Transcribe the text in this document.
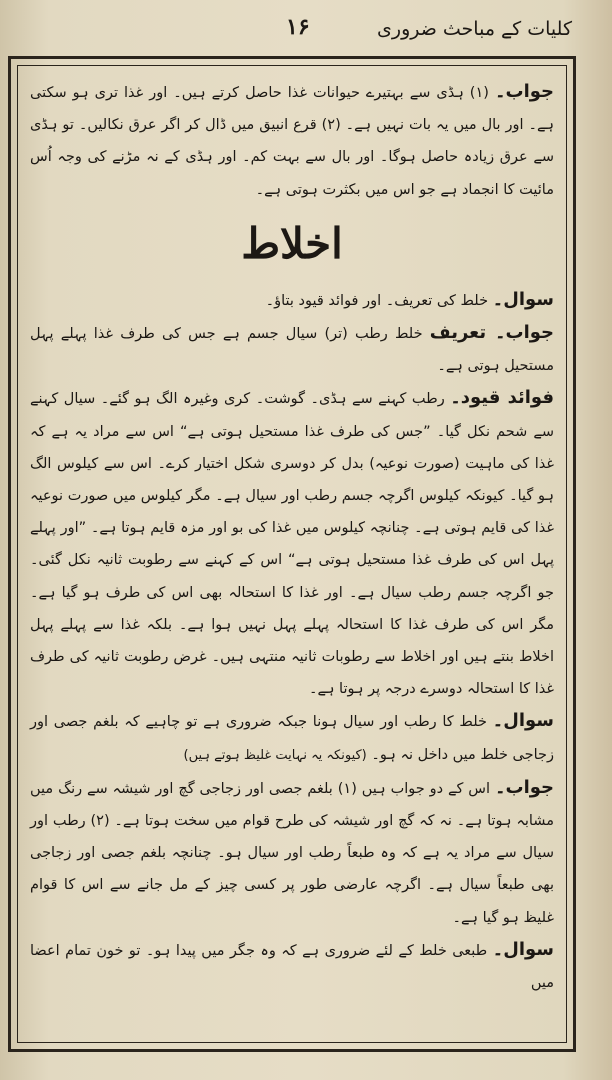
کلیات کے مباحث ضروری
۱۶

جواب۔ (۱) ہڈی سے بہتیرے حیوانات غذا حاصل کرتے ہیں۔ اور غذا تری ہو سکتی ہے۔ اور بال میں یہ بات نہیں ہے۔ (۲) قرع انبیق میں ڈال کر اگر عرق نکالیں۔ تو ہڈی سے عرق زیادہ حاصل ہوگا۔ اور بال سے بہت کم۔ اور ہڈی کے نہ مڑنے کی وجہ اُس مائیت کا انجماد ہے جو اس میں بکثرت ہوتی ہے۔

اخلاط

سوال۔ خلط کی تعریف۔ اور فوائد قیود بتاؤ۔

جواب۔ تعریف خلط رطب (تر) سیال جسم ہے جس کی طرف غذا پہلے پہل مستحیل ہوتی ہے۔

فوائد قیود۔ رطب کہنے سے ہڈی۔ گوشت۔ کری وغیرہ الگ ہو گئے۔ سیال کہنے سے شحم نکل گیا۔ ”جس کی طرف غذا مستحیل ہوتی ہے“ اس سے مراد یہ ہے کہ غذا کی ماہیت (صورت نوعیہ) بدل کر دوسری شکل اختیار کرے۔ اس سے کیلوس الگ ہو گیا۔ کیونکہ کیلوس اگرچہ جسم رطب اور سیال ہے۔ مگر کیلوس میں صورت نوعیہ غذا کی قایم ہوتی ہے۔ چنانچہ کیلوس میں غذا کی بو اور مزہ قایم ہوتا ہے۔ ”اور پہلے پہل اس کی طرف غذا مستحیل ہوتی ہے“ اس کے کہنے سے رطوبت ثانیہ نکل گئی۔ جو اگرچہ جسم رطب سیال ہے۔ اور غذا کا استحالہ بھی اس کی طرف ہو گیا ہے۔ مگر اس کی طرف غذا کا استحالہ پہلے پہل نہیں ہوا ہے۔ بلکہ غذا سے پہلے پہل اخلاط بنتے ہیں اور اخلاط سے رطوبات ثانیہ منتہی ہیں۔ غرض رطوبت ثانیہ کی طرف غذا کا استحالہ دوسرے درجہ پر ہوتا ہے۔

سوال۔ خلط کا رطب اور سیال ہونا جبکہ ضروری ہے تو چاہیے کہ بلغم جصی اور زجاجی خلط میں داخل نہ ہو۔ (کیونکہ یہ نہایت غلیظ ہوتے ہیں)

جواب۔ اس کے دو جواب ہیں (۱) بلغم جصی اور زجاجی گچ اور شیشہ سے رنگ میں مشابہ ہوتا ہے۔ نہ کہ گچ اور شیشہ کی طرح قوام میں سخت ہوتا ہے۔ (۲) رطب اور سیال سے مراد یہ ہے کہ وہ طبعاً رطب اور سیال ہو۔ چنانچہ بلغم جصی اور زجاجی بھی طبعاً سیال ہے۔ اگرچہ عارضی طور پر کسی چیز کے مل جانے سے اس کا قوام غلیظ ہو گیا ہے۔

سوال۔ طبعی خلط کے لئے ضروری ہے کہ وہ جگر میں پیدا ہو۔ تو خون تمام اعضا میں
